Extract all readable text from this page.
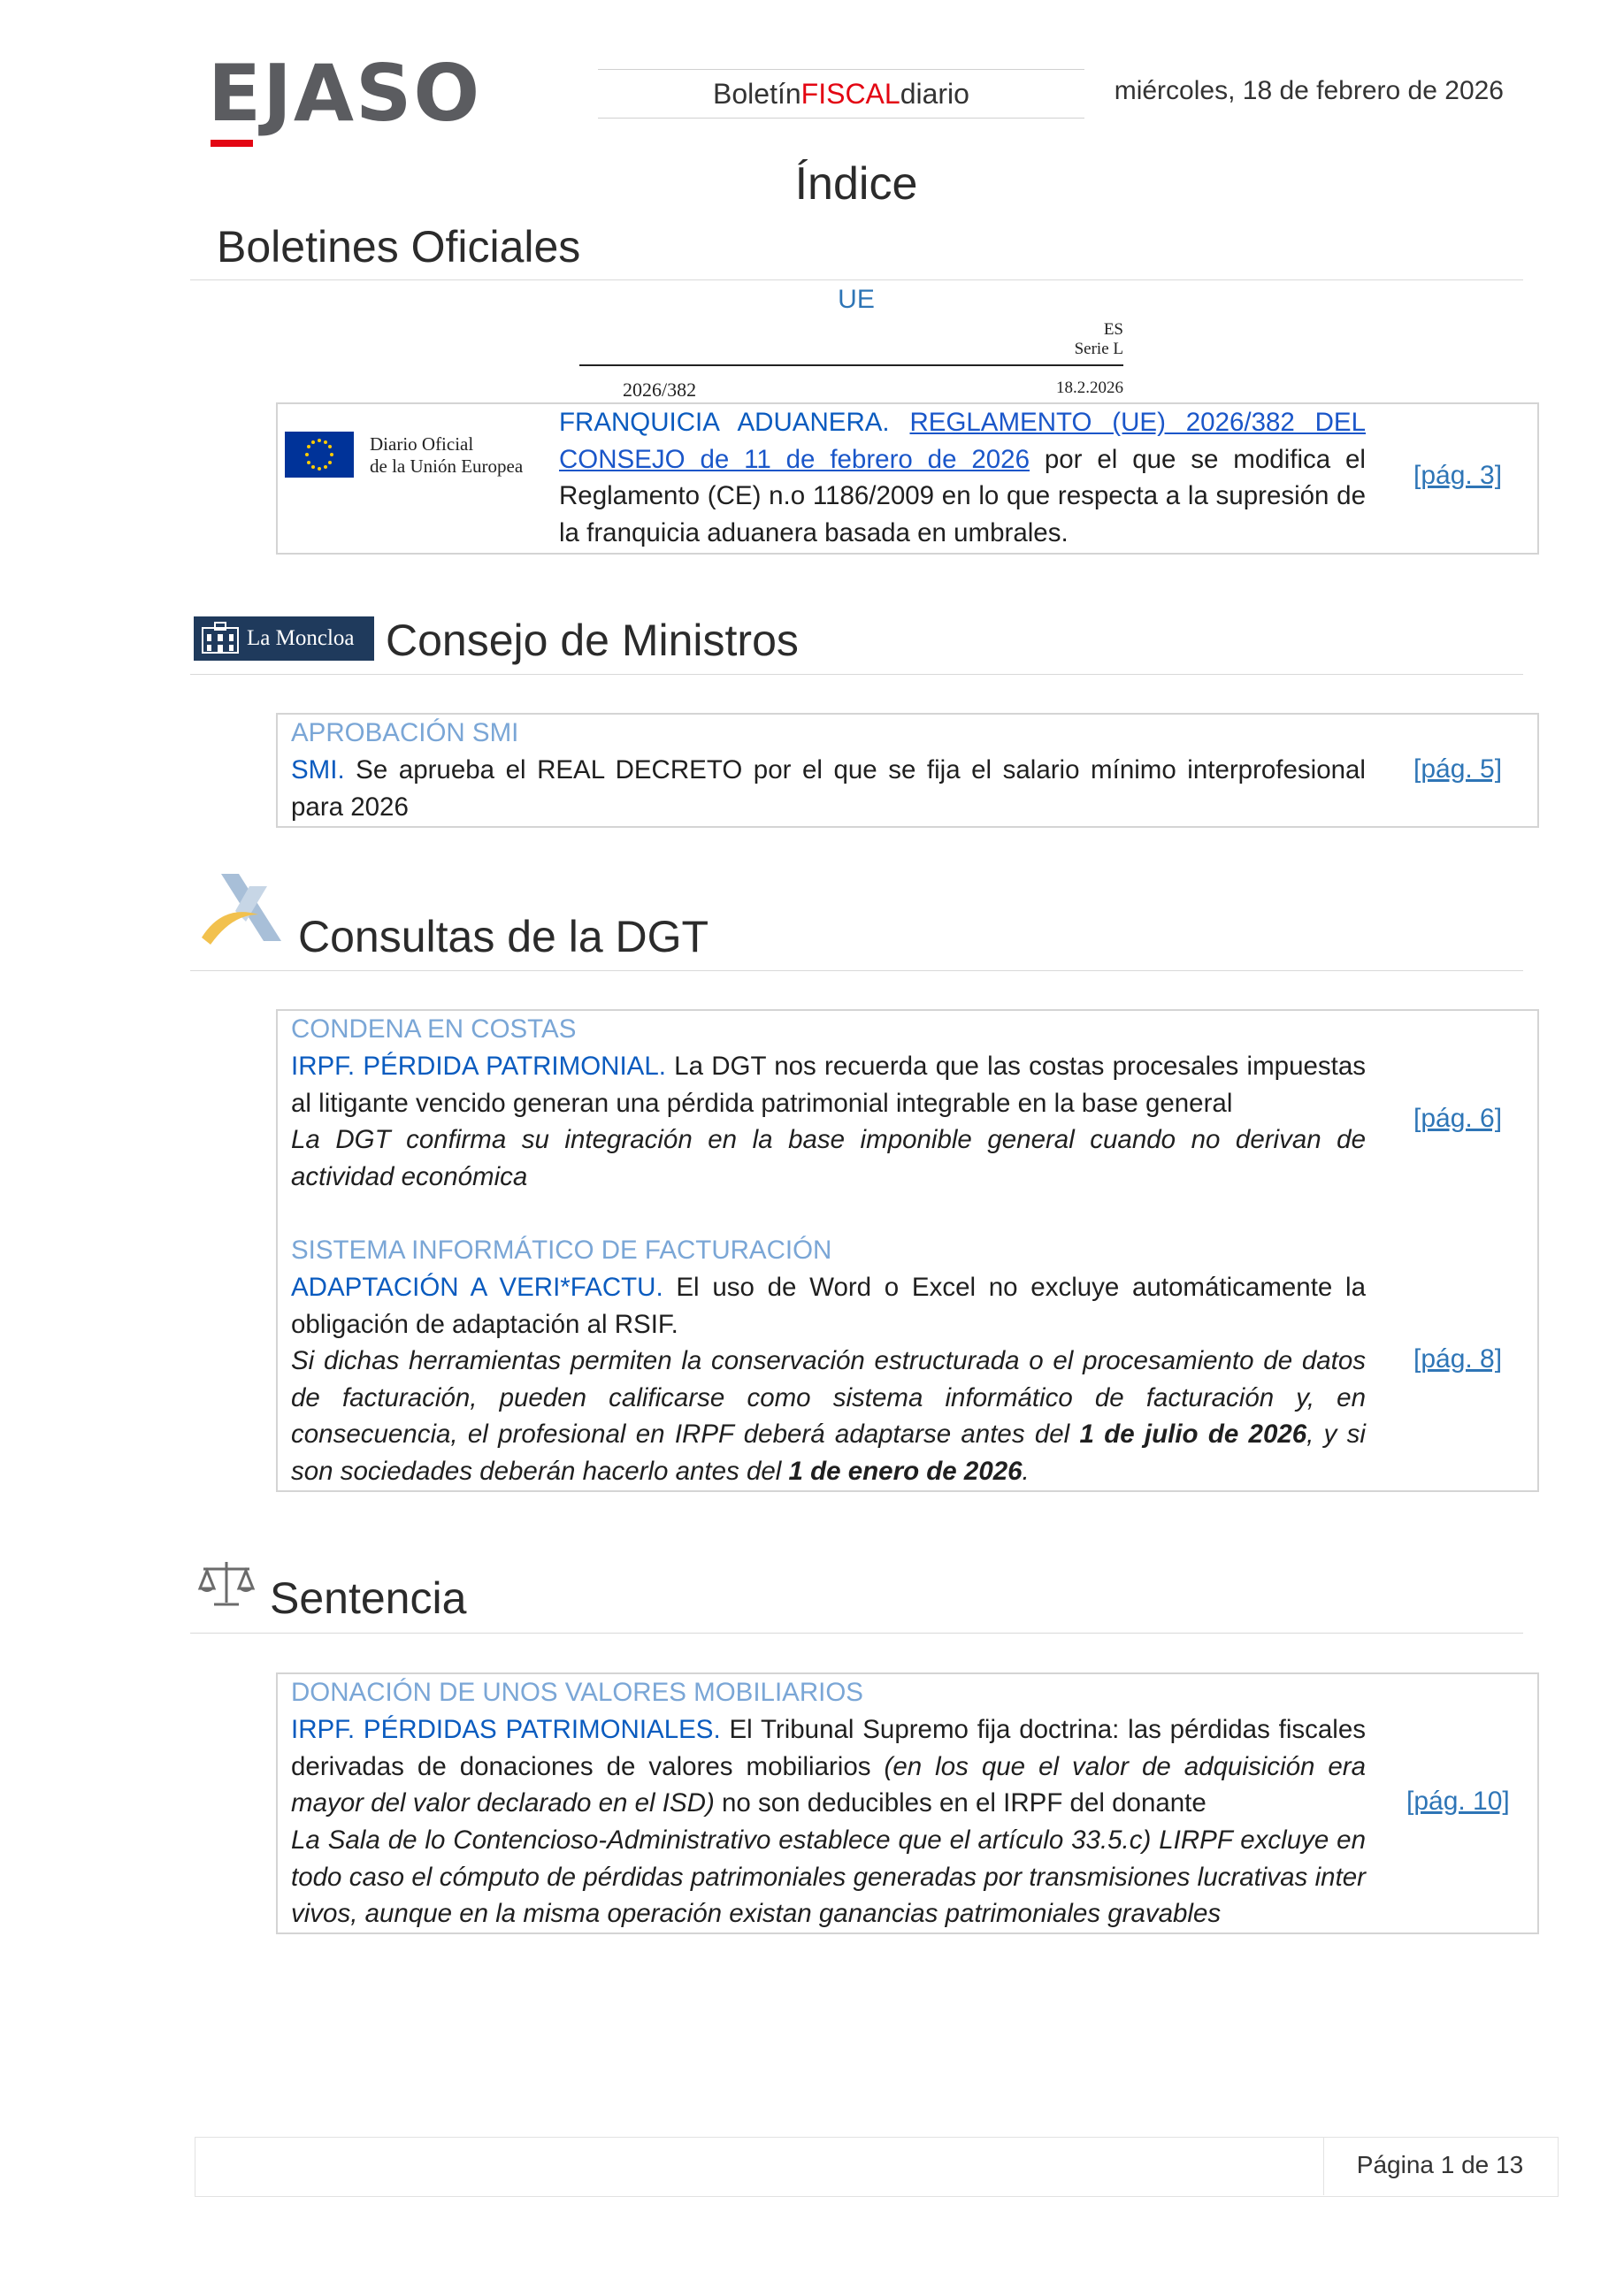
EJASO	Boletín FISCAL diario	miércoles, 18 de febrero de 2026
Índice
Boletines Oficiales
UE
ES
Serie L
2026/382	18.2.2026
Diario Oficial
de la Unión Europea
FRANQUICIA ADUANERA. REGLAMENTO (UE) 2026/382 DEL CONSEJO de 11 de febrero de 2026 por el que se modifica el Reglamento (CE) n.o 1186/2009 en lo que respecta a la supresión de la franquicia aduanera basada en umbrales.
[pág. 3]
La Moncloa Consejo de Ministros
APROBACIÓN SMI
SMI. Se aprueba el REAL DECRETO por el que se fija el salario mínimo interprofesional para 2026
[pág. 5]
Consultas de la DGT
CONDENA EN COSTAS
IRPF. PÉRDIDA PATRIMONIAL. La DGT nos recuerda que las costas procesales impuestas al litigante vencido generan una pérdida patrimonial integrable en la base general
La DGT confirma su integración en la base imponible general cuando no derivan de actividad económica
[pág. 6]
SISTEMA INFORMÁTICO DE FACTURACIÓN
ADAPTACIÓN A VERI*FACTU. El uso de Word o Excel no excluye automáticamente la obligación de adaptación al RSIF.
Si dichas herramientas permiten la conservación estructurada o el procesamiento de datos de facturación, pueden calificarse como sistema informático de facturación y, en consecuencia, el profesional en IRPF deberá adaptarse antes del 1 de julio de 2026, y si son sociedades deberán hacerlo antes del 1 de enero de 2026.
[pág. 8]
Sentencia
DONACIÓN DE UNOS VALORES MOBILIARIOS
IRPF. PÉRDIDAS PATRIMONIALES. El Tribunal Supremo fija doctrina: las pérdidas fiscales derivadas de donaciones de valores mobiliarios (en los que el valor de adquisición era mayor del valor declarado en el ISD) no son deducibles en el IRPF del donante
La Sala de lo Contencioso-Administrativo establece que el artículo 33.5.c) LIRPF excluye en todo caso el cómputo de pérdidas patrimoniales generadas por transmisiones lucrativas inter vivos, aunque en la misma operación existan ganancias patrimoniales gravables
[pág. 10]
Página 1 de 13
